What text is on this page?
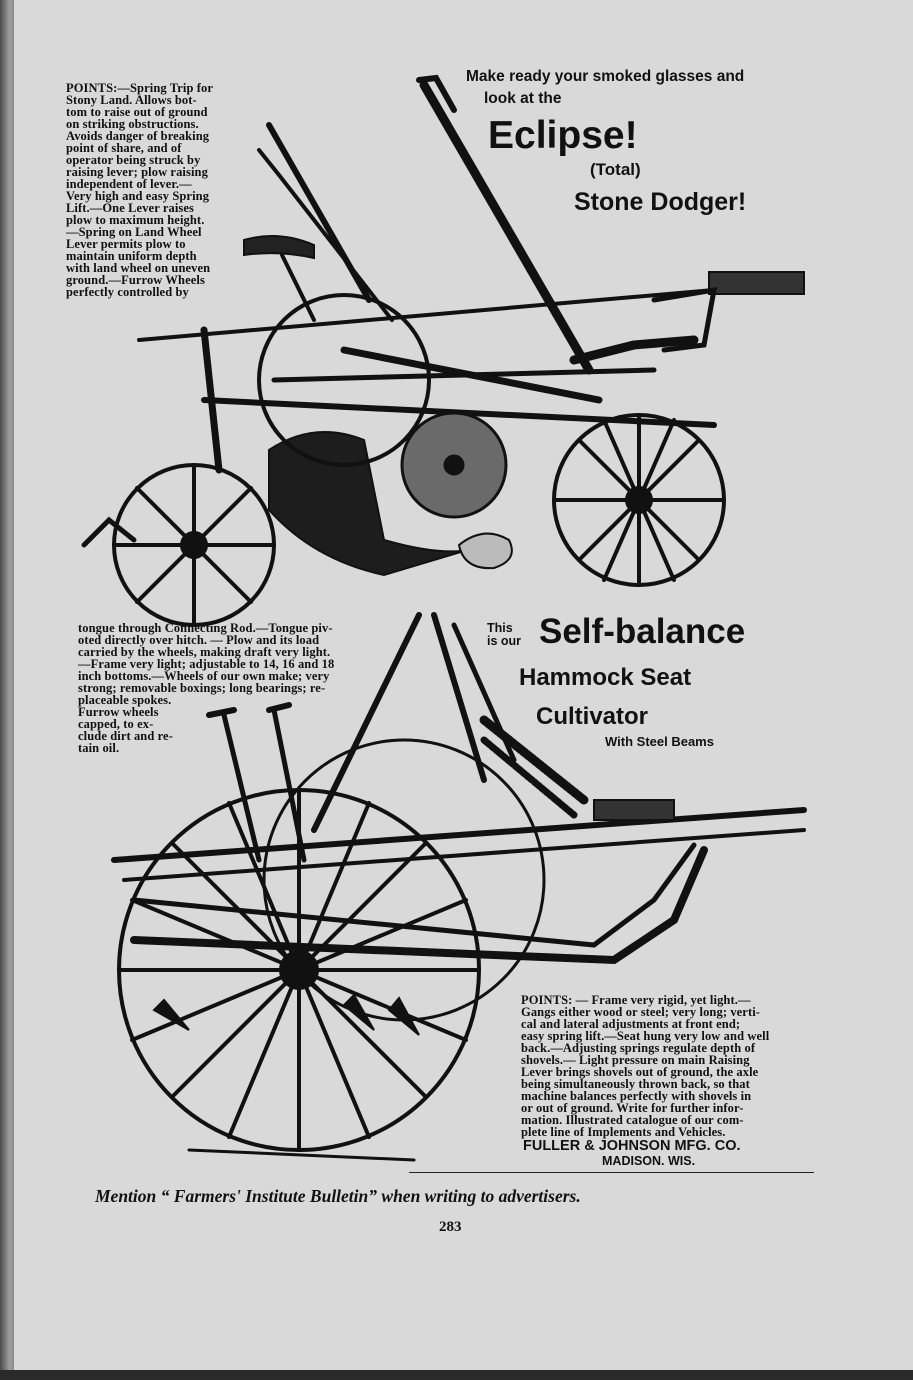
Make ready your smoked glasses and
look at the
Eclipse!
(Total)
Stone Dodger!
POINTS:—Spring Trip for
Stony Land. Allows bot-
tom to raise out of ground
on striking obstructions.
Avoids danger of breaking
point of share, and of
operator being struck by
raising lever; plow raising
independent of lever.—
Very high and easy Spring
Lift.—One Lever raises
plow to maximum height.
—Spring on Land Wheel
Lever permits plow to
maintain uniform depth
with land wheel on uneven
ground.—Furrow Wheels
perfectly controlled by
tongue through Connecting Rod.—Tongue piv-
oted directly over hitch. — Plow and its load
carried by the wheels, making draft very light.
—Frame very light; adjustable to 14, 16 and 18
inch bottoms.—Wheels of our own make; very
strong; removable boxings; long bearings; re-
placeable spokes.
Furrow wheels
capped, to ex-
clude dirt and re-
tain oil.
This
is our Self-balance
Hammock Seat
Cultivator
With Steel Beams
POINTS: — Frame very rigid, yet light.—
Gangs either wood or steel; very long; verti-
cal and lateral adjustments at front end;
easy spring lift.—Seat hung very low and well
back.—Adjusting springs regulate depth of
shovels.— Light pressure on main Raising
Lever brings shovels out of ground, the axle
being simultaneously thrown back, so that
machine balances perfectly with shovels in
or out of ground. Write for further infor-
mation. Illustrated catalogue of our com-
plete line of Implements and Vehicles.
FULLER & JOHNSON MFG. CO.
MADISON. WIS.
Mention “ Farmers' Institute Bulletin” when writing to advertisers.
283
